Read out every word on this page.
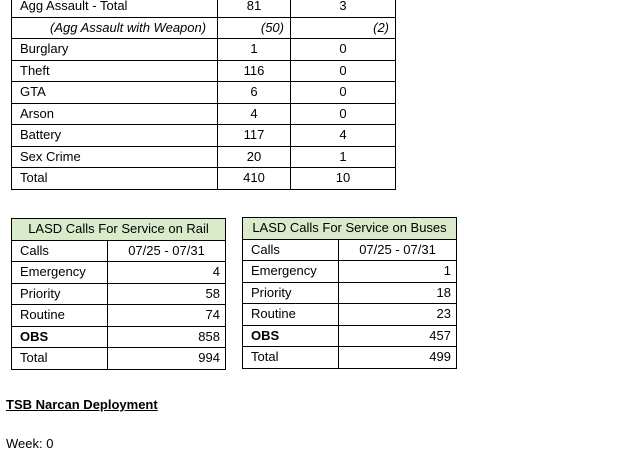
Agg Assault - Total	81	3
(Agg Assault with Weapon)	(50)	(2)
Burglary	1	0
Theft	116	0
GTA	6	0
Arson	4	0
Battery	117	4
Sex Crime	20	1
Total	410	10
LASD Calls For Service on Rail	
Calls	07/25 - 07/31
Emergency	4
Priority	58
Routine	74
OBS	858
Total	994
LASD Calls For Service on Buses	
Calls	07/25 - 07/31
Emergency	1
Priority	18
Routine	23
OBS	457
Total	499
TSB Narcan Deployment
Week: 0
